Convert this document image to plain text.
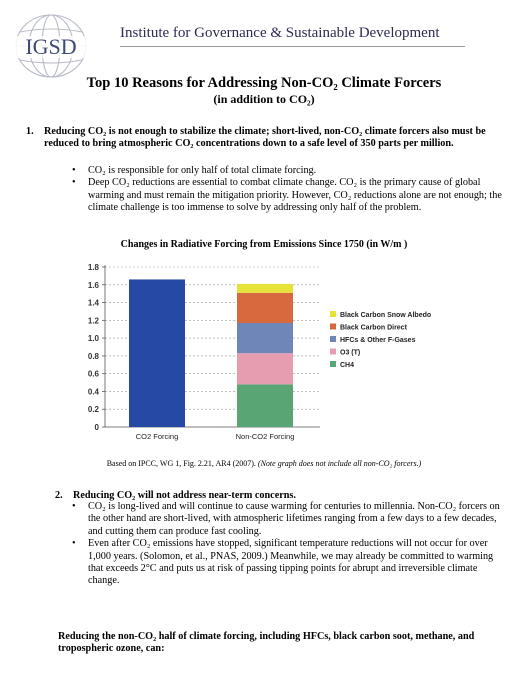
IGSD
Institute for Governance & Sustainable Development
Top 10 Reasons for Addressing Non-CO₂ Climate Forcers
(in addition to CO₂)
1. Reducing CO₂ is not enough to stabilize the climate; short-lived, non-CO₂ climate forcers also must be reduced to bring atmospheric CO₂ concentrations down to a safe level of 350 parts per million.
• CO₂ is responsible for only half of total climate forcing.
• Deep CO₂ reductions are essential to combat climate change. CO₂ is the primary cause of global warming and must remain the mitigation priority. However, CO₂ reductions alone are not enough; the climate challenge is too immense to solve by addressing only half of the problem.
Changes in Radiative Forcing from Emissions Since 1750 (in W/m )
0
0.2
0.4
0.6
0.8
1.0
1.2
1.4
1.6
1.8
CO2 Forcing	Non-CO2 Forcing
Black Carbon Snow Albedo
Black Carbon Direct
HFCs & Other F-Gases
O3 (T)
CH4
Based on IPCC, WG 1, Fig. 2.21, AR4 (2007). (Note graph does not include all non-CO₂ forcers.)
2. Reducing CO₂ will not address near-term concerns.
• CO₂ is long-lived and will continue to cause warming for centuries to millennia. Non-CO₂ forcers on the other hand are short-lived, with atmospheric lifetimes ranging from a few days to a few decades, and cutting them can produce fast cooling.
• Even after CO₂ emissions have stopped, significant temperature reductions will not occur for over 1,000 years. (Solomon, et al., PNAS, 2009.) Meanwhile, we may already be committed to warming that exceeds 2°C and puts us at risk of passing tipping points for abrupt and irreversible climate change.
Reducing the non-CO₂ half of climate forcing, including HFCs, black carbon soot, methane, and tropospheric ozone, can:
